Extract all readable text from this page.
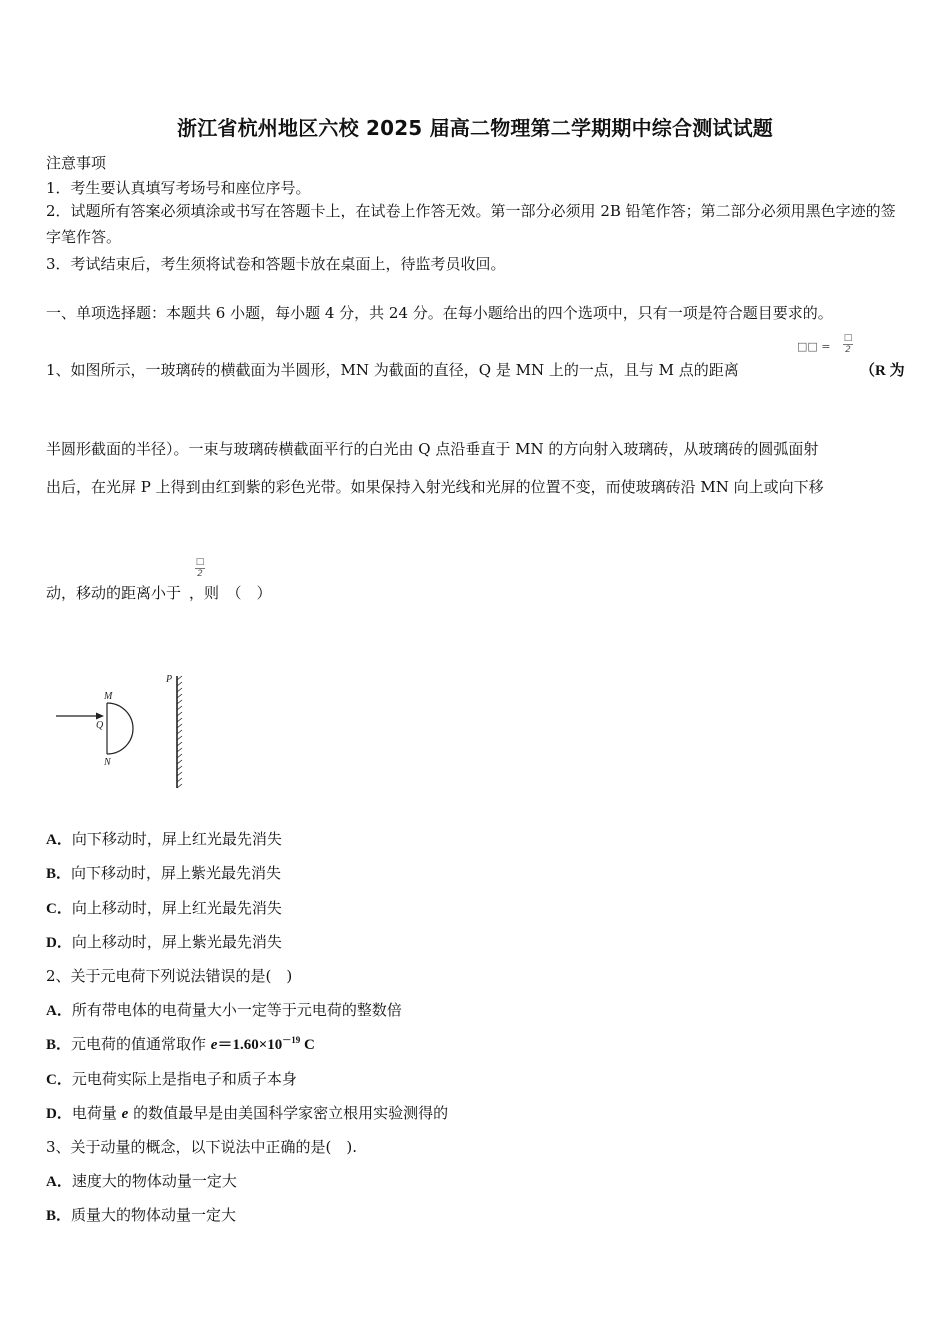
浙江省杭州地区六校 2025 届高二物理第二学期期中综合测试试题
注意事项
1．考生要认真填写考场号和座位序号。
2．试题所有答案必须填涂或书写在答题卡上，在试卷上作答无效。第一部分必须用 2B 铅笔作答；第二部分必须用黑色字迹的签字笔作答。
3．考试结束后，考生须将试卷和答题卡放在桌面上，待监考员收回。
一、单项选择题：本题共 6 小题，每小题 4 分，共 24 分。在每小题给出的四个选项中，只有一项是符合题目要求的。
1、如图所示，一玻璃砖的横截面为半圆形，MN 为截面的直径，Q 是 MN 上的一点，且与 M 点的距离
□□ =
□
2
（R 为
半圆形截面的半径）。一束与玻璃砖横截面平行的白光由 Q 点沿垂直于 MN 的方向射入玻璃砖，从玻璃砖的圆弧面射
出后，在光屏 P 上得到由红到紫的彩色光带。如果保持入射光线和光屏的位置不变，而使玻璃砖沿 MN 向上或向下移
□
2
动，移动的距离小于 ，则　（　）
M
Q
N
P
A．向下移动时，屏上红光最先消失
B．向下移动时，屏上紫光最先消失
C．向上移动时，屏上红光最先消失
D．向上移动时，屏上紫光最先消失
2、关于元电荷下列说法错误的是(　)
A．所有带电体的电荷量大小一定等于元电荷的整数倍
B．元电荷的值通常取作 $e=1.60\times 10^{-19}$ C
C．元电荷实际上是指电子和质子本身
D．电荷量 e 的数值最早是由美国科学家密立根用实验测得的
3、关于动量的概念，以下说法中正确的是(　).
A．速度大的物体动量一定大
B．质量大的物体动量一定大
